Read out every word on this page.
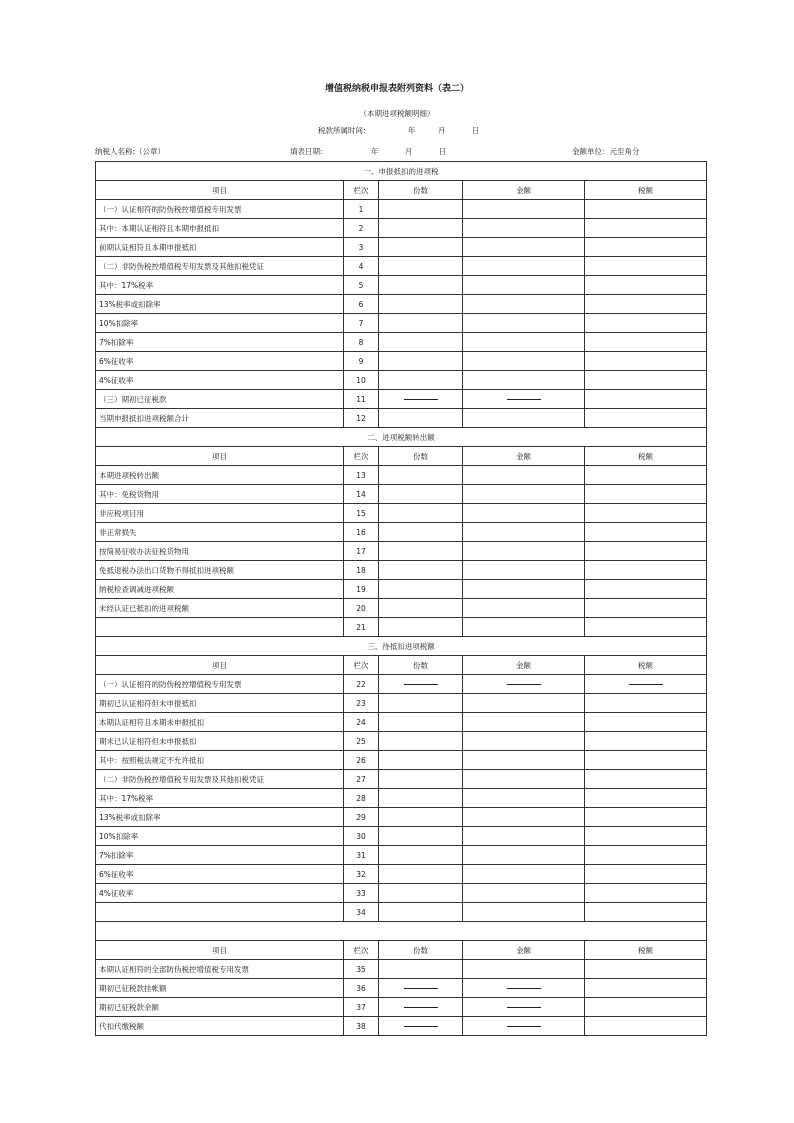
增值税纳税申报表附列资料（表二）
（本期进项税额明细）
税款所属时间:	年	月	日
纳税人名称:（公章）	填表日期:	年	月	日	金额单位：元至角分
一、申报抵扣的进项税				
项目	栏次	份数	金额	税额
（一）认证相符的防伪税控增值税专用发票	1			
其中：本期认证相符且本期申报抵扣	2			
前期认证相符且本期申报抵扣	3			
（二）非防伪税控增值税专用发票及其他扣税凭证	4			
其中：17%税率	5			
13%税率或扣除率	6			
10%扣除率	7			
7%扣除率	8			
6%征收率	9			
4%征收率	10			
（三）期初已征税款	11	

当期申报抵扣进项税额合计	12			
二、进项税额转出额				
项目	栏次	份数	金额	税额
本期进项税转出额	13			
其中：免税货物用	14			
非应税项目用	15			
非正常损失	16			
按简易征收办法征税货物用	17			
免抵退税办法出口货物不得抵扣进项税额	18			
纳税检查调减进项税额	19			
未经认证已抵扣的进项税额	20			
	21			
三、待抵扣进项税额				
项目	栏次	份数	金额	税额
（一）认证相符的防伪税控增值税专用发票	22	

期初已认证相符但未申报抵扣	23			
本期认证相符且本期未申报抵扣	24			
期末已认证相符但未申报抵扣	25			
其中：按照税法规定不允许抵扣	26			
（二）非防伪税控增值税专用发票及其他扣税凭证	27			
其中：17%税率	28			
13%税率或扣除率	29			
10%扣除率	30			
7%扣除率	31			
6%征收率	32			
4%征收率	33			
	34			

项目	栏次	份数	金额	税额
本期认证相符的全部防伪税控增值税专用发票	35			
期初已征税款挂帐额	36	

期初已征税款余额	37	

代扣代缴税额	38	
